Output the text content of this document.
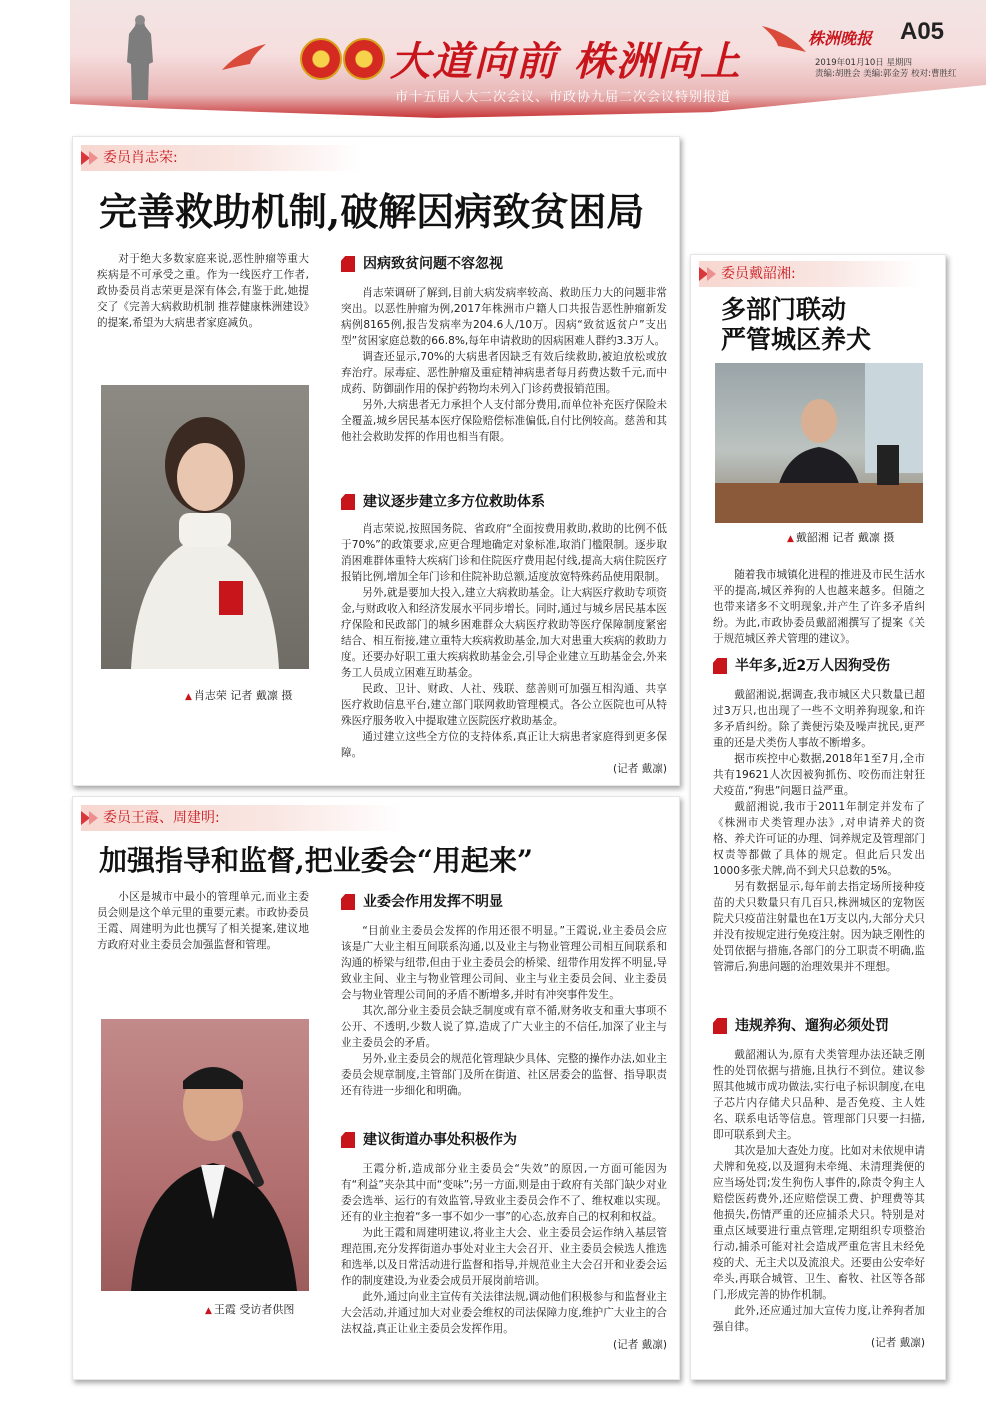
大道向前 株洲向上
市十五届人大二次会议、市政协九届二次会议特别报道
株洲晚报 A05
2019年01月10日 星期四
责编:胡胜会 美编:郭金芳 校对:曹胜红
委员肖志荣:
完善救助机制,破解因病致贫困局

对于绝大多数家庭来说,恶性肿瘤等重大疾病是不可承受之重。作为一线医疗工作者,政协委员肖志荣更是深有体会,有鉴于此,她提交了《完善大病救助机制 推荐健康株洲建设》的提案,希望为大病患者家庭减负。

▲ 肖志荣 记者 戴凛 摄
因病致贫问题不容忽视

肖志荣调研了解到,目前大病发病率较高、救助压力大的问题非常突出。以恶性肿瘤为例,2017年株洲市户籍人口共报告恶性肿瘤新发病例8165例,报告发病率为204.6人/10万。因病“致贫返贫户”支出型”贫困家庭总数的66.8%,每年申请救助的因病困难人群约3.3万人。

调查还显示,70%的大病患者因缺乏有效后续救助,被迫放松或放弃治疗。尿毒症、恶性肿瘤及重症精神病患者每月药费达数千元,而中成药、防御副作用的保护药物均未列入门诊药费报销范围。

另外,大病患者无力承担个人支付部分费用,而单位补充医疗保险未全覆盖,城乡居民基本医疗保险赔偿标准偏低,自付比例较高。慈善和其他社会救助发挥的作用也相当有限。

建议逐步建立多方位救助体系

肖志荣说,按照国务院、省政府“全面按费用救助,救助的比例不低于70%”的政策要求,应更合理地确定对象标准,取消门槛限制。逐步取消困难群体重特大疾病门诊和住院医疗费用起付线,提高大病住院医疗报销比例,增加全年门诊和住院补助总额,适度放宽特殊药品使用限制。

另外,就是要加大投入,建立大病救助基金。让大病医疗救助专项资金,与财政收入和经济发展水平同步增长。同时,通过与城乡居民基本医疗保险和民政部门的城乡困难群众大病医疗救助等医疗保障制度紧密结合、相互衔接,建立重特大疾病救助基金,加大对患重大疾病的救助力度。还要办好职工重大疾病救助基金会,引导企业建立互助基金会,外来务工人员成立困难互助基金。

民政、卫计、财政、人社、残联、慈善则可加强互相沟通、共享医疗救助信息平台,建立部门联网救助管理模式。各公立医院也可从特殊医疗服务收入中提取建立医院医疗救助基金。

通过建立这些全方位的支持体系,真正让大病患者家庭得到更多保障。

(记者 戴凛)
委员戴韶湘:
多部门联动
严管城区养犬
▲ 戴韶湘 记者 戴凛 摄

随着我市城镇化进程的推进及市民生活水平的提高,城区养狗的人也越来越多。但随之也带来诸多不文明现象,并产生了许多矛盾纠纷。为此,市政协委员戴韶湘撰写了提案《关于规范城区养犬管理的建议》。

半年多,近2万人因狗受伤

戴韶湘说,据调查,我市城区犬只数量已超过3万只,也出现了一些不文明养狗现象,和许多矛盾纠纷。除了粪便污染及噪声扰民,更严重的还是犬类伤人事故不断增多。

据市疾控中心数据,2018年1至7月,全市共有19621人次因被狗抓伤、咬伤而注射狂犬疫苗,“狗患”问题日益严重。

戴韶湘说,我市于2011年制定并发布了《株洲市犬类管理办法》,对申请养犬的资格、养犬许可证的办理、饲养规定及管理部门权责等都做了具体的规定。但此后只发出1000多张犬牌,尚不到犬只总数的5%。

另有数据显示,每年前去指定场所接种疫苗的犬只数量只有几百只,株洲城区的宠物医院犬只疫苗注射量也在1万支以内,大部分犬只并没有按规定进行免疫注射。因为缺乏刚性的处罚依据与措施,各部门的分工职责不明确,监管滞后,狗患问题的治理效果并不理想。

违规养狗、遛狗必须处罚

戴韶湘认为,原有犬类管理办法还缺乏刚性的处罚依据与措施,且执行不到位。建议参照其他城市成功做法,实行电子标识制度,在电子芯片内存储犬只品种、是否免疫、主人姓名、联系电话等信息。管理部门只要一扫描,即可联系到犬主。

其次是加大查处力度。比如对未依规申请犬牌和免疫,以及遛狗未牵绳、未清理粪便的应当场处罚;发生狗伤人事件的,除责令狗主人赔偿医药费外,还应赔偿误工费、护理费等其他损失,伤情严重的还应捕杀犬只。特别是对重点区域要进行重点管理,定期组织专项整治行动,捕杀可能对社会造成严重危害且未经免疫的犬、无主犬以及流浪犬。还要由公安牵好牵头,再联合城管、卫生、畜牧、社区等各部门,形成完善的协作机制。

此外,还应通过加大宣传力度,让养狗者加强自律。

(记者 戴凛)
委员王霞、周建明:
加强指导和监督,把业委会“用起来”

小区是城市中最小的管理单元,而业主委员会则是这个单元里的重要元素。市政协委员王霞、周建明为此也撰写了相关提案,建议地方政府对业主委员会加强监督和管理。

▲ 王霞 受访者供图
业委会作用发挥不明显

“目前业主委员会发挥的作用还很不明显。”王霞说,业主委员会应该是广大业主相互间联系沟通,以及业主与物业管理公司相互间联系和沟通的桥梁与纽带,但由于业主委员会的桥梁、纽带作用发挥不明显,导致业主间、业主与物业管理公司间、业主与业主委员会间、业主委员会与物业管理公司间的矛盾不断增多,并时有冲突事件发生。

其次,部分业主委员会缺乏制度或有章不循,财务收支和重大事项不公开、不透明,少数人说了算,造成了广大业主的不信任,加深了业主与业主委员会的矛盾。

另外,业主委员会的规范化管理缺少具体、完整的操作办法,如业主委员会规章制度,主管部门及所在街道、社区居委会的监督、指导职责还有待进一步细化和明确。

建议街道办事处积极作为

王霞分析,造成部分业主委员会“失效”的原因,一方面可能因为有“利益”夹杂其中而“变味”;另一方面,则是由于政府有关部门缺少对业委会选举、运行的有效监管,导致业主委员会作不了、维权难以实现。还有的业主抱着“多一事不如少一事”的心态,放弃自己的权利和权益。

为此王霞和周建明建议,将业主大会、业主委员会运作纳入基层管理范围,充分发挥街道办事处对业主大会召开、业主委员会候选人推选和选举,以及日常活动进行监督和指导,并规范业主大会召开和业委会运作的制度建设,为业委会成员开展岗前培训。

此外,通过向业主宣传有关法律法规,调动他们积极参与和监督业主大会活动,并通过加大对业委会维权的司法保障力度,维护广大业主的合法权益,真正让业主委员会发挥作用。

(记者 戴凛)
